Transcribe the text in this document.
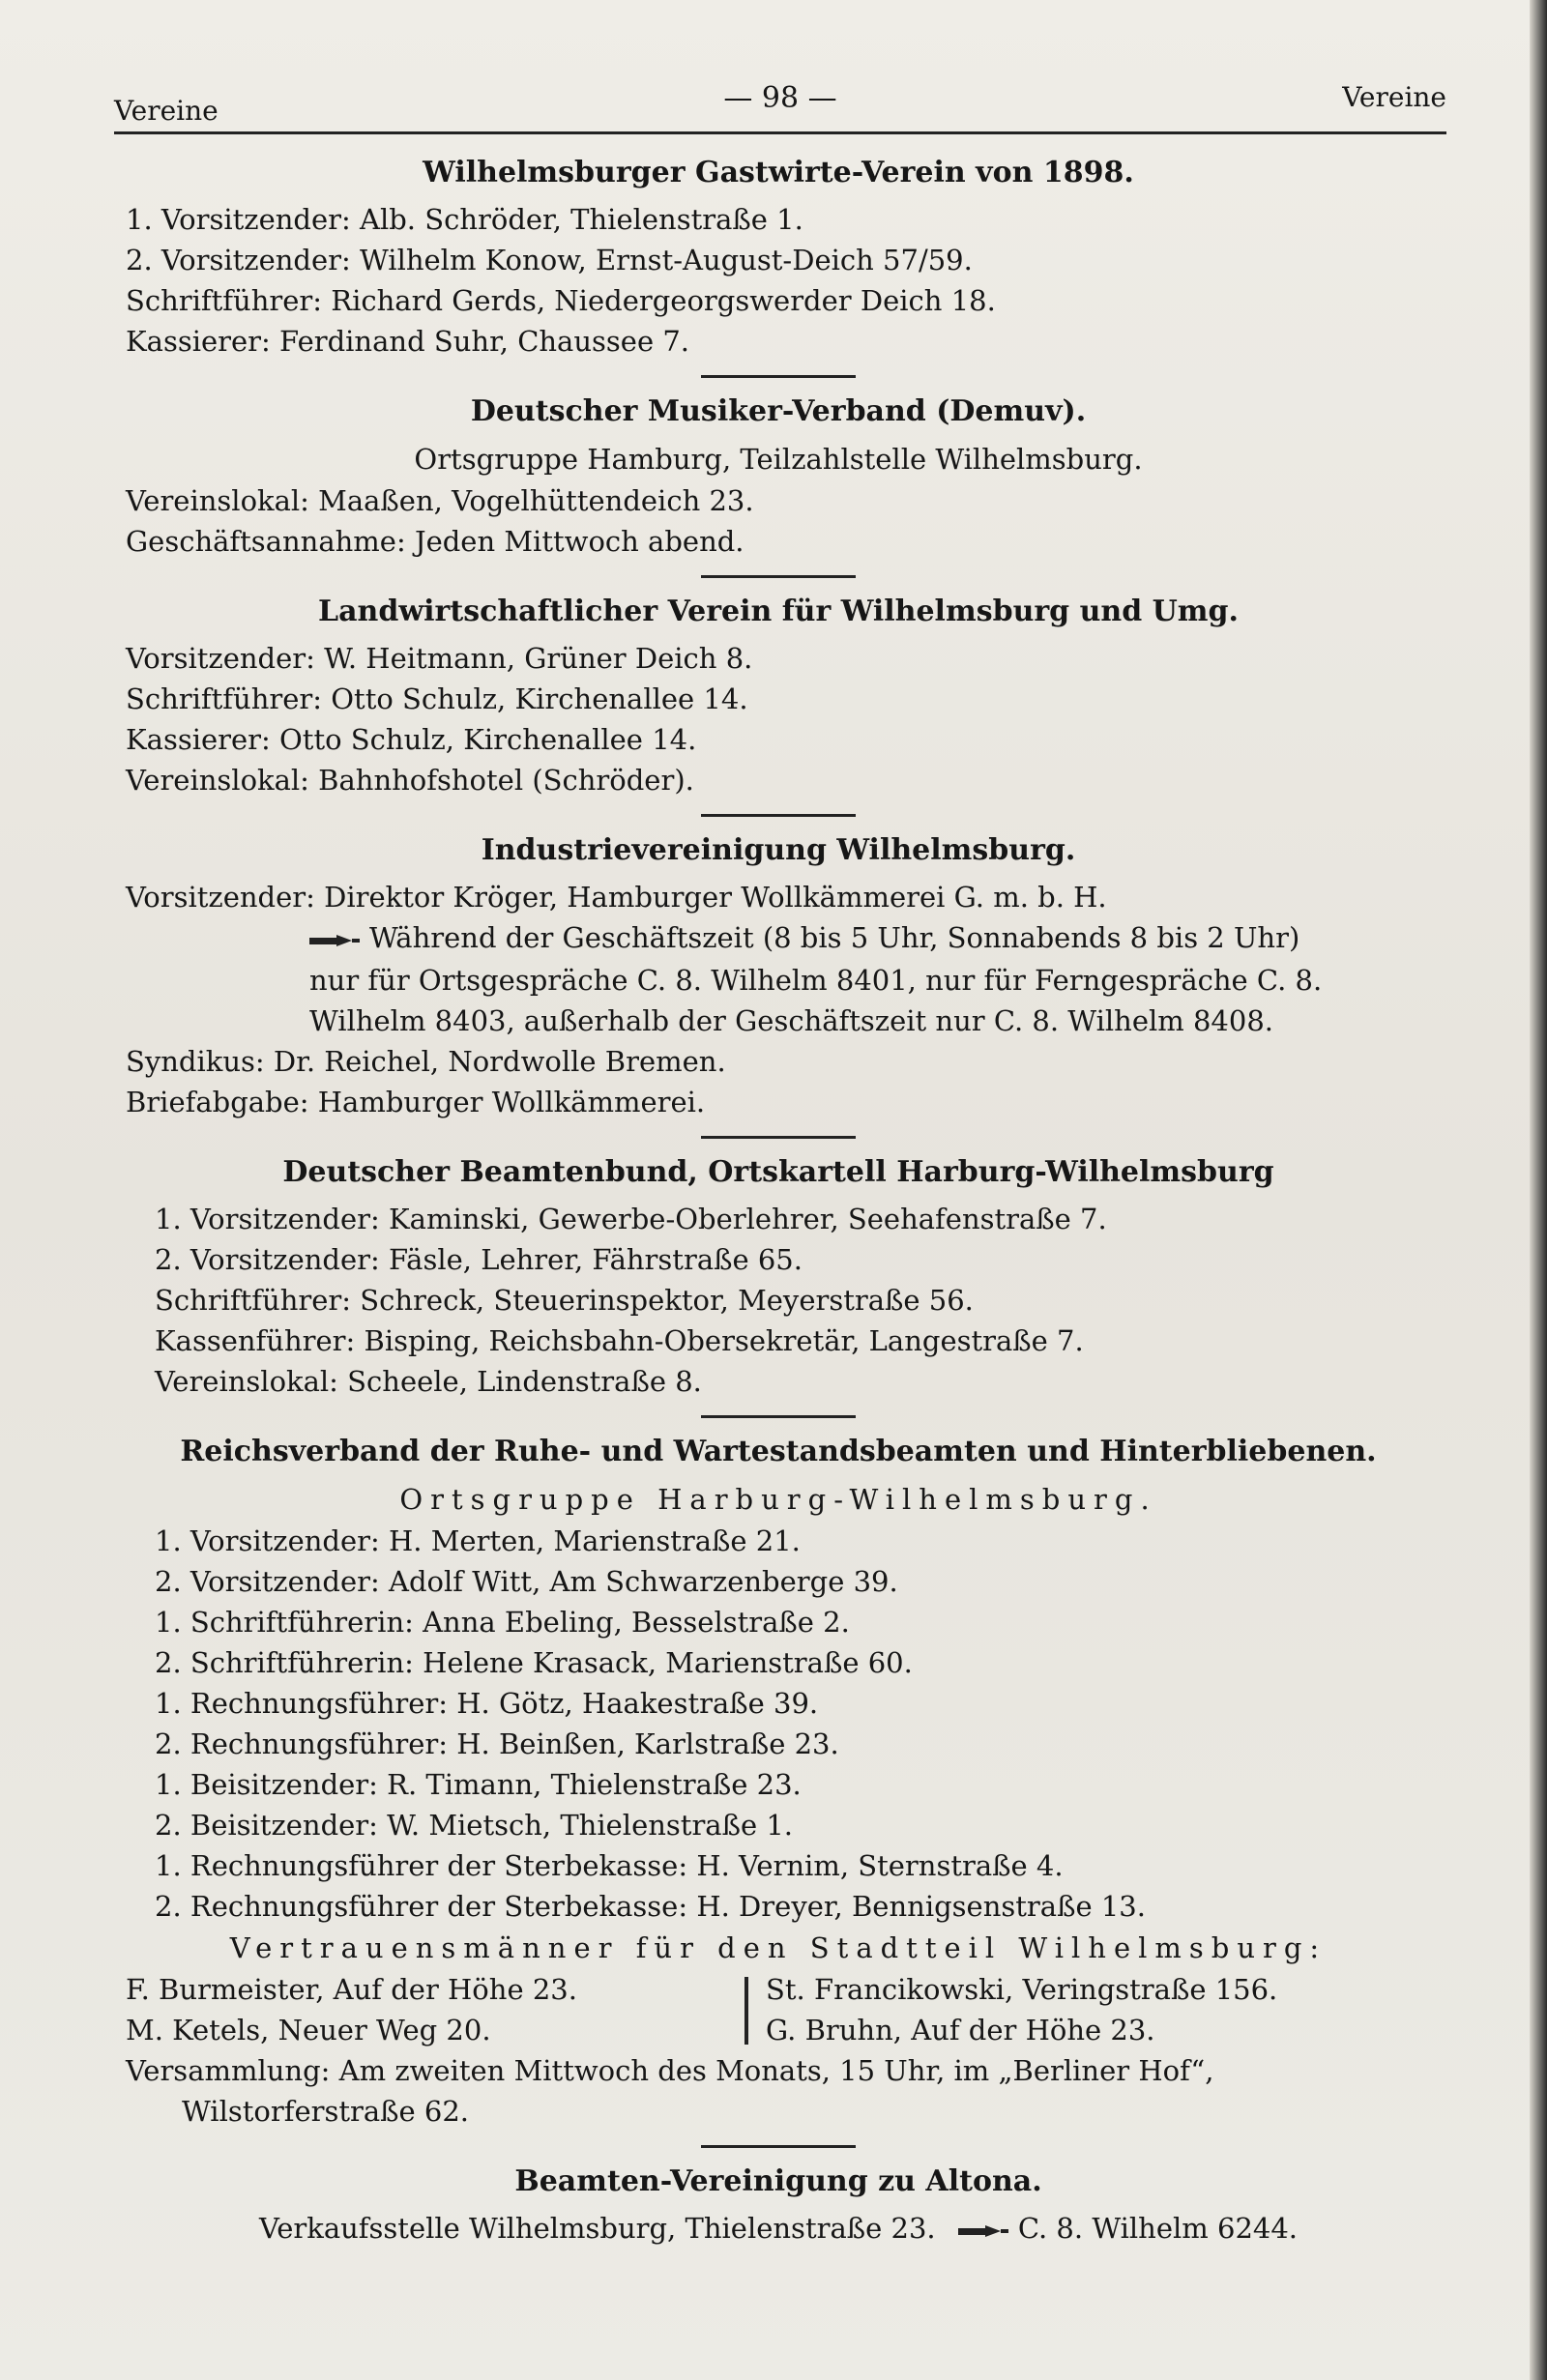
Vereine	— 98 —	Vereine
Wilhelmsburger Gastwirte-Verein von 1898.
1. Vorsitzender: Alb. Schröder, Thielenstraße 1.
2. Vorsitzender: Wilhelm Konow, Ernst-August-Deich 57/59.
Schriftführer: Richard Gerds, Niedergeorgswerder Deich 18.
Kassierer: Ferdinand Suhr, Chaussee 7.
Deutscher Musiker-Verband (Demuv).
Ortsgruppe Hamburg, Teilzahlstelle Wilhelmsburg.
Vereinslokal: Maaßen, Vogelhüttendeich 23.
Geschäftsannahme: Jeden Mittwoch abend.
Landwirtschaftlicher Verein für Wilhelmsburg und Umg.
Vorsitzender: W. Heitmann, Grüner Deich 8.
Schriftführer: Otto Schulz, Kirchenallee 14.
Kassierer: Otto Schulz, Kirchenallee 14.
Vereinslokal: Bahnhofshotel (Schröder).
Industrievereinigung Wilhelmsburg.
Vorsitzender: Direktor Kröger, Hamburger Wollkämmerei G. m. b. H.
Während der Geschäftszeit (8 bis 5 Uhr, Sonnabends 8 bis 2 Uhr)
nur für Ortsgespräche C. 8. Wilhelm 8401, nur für Ferngespräche C. 8.
Wilhelm 8403, außerhalb der Geschäftszeit nur C. 8. Wilhelm 8408.
Syndikus: Dr. Reichel, Nordwolle Bremen.
Briefabgabe: Hamburger Wollkämmerei.
Deutscher Beamtenbund, Ortskartell Harburg-Wilhelmsburg
1. Vorsitzender: Kaminski, Gewerbe-Oberlehrer, Seehafenstraße 7.
2. Vorsitzender: Fäsle, Lehrer, Fährstraße 65.
Schriftführer: Schreck, Steuerinspektor, Meyerstraße 56.
Kassenführer: Bisping, Reichsbahn-Obersekretär, Langestraße 7.
Vereinslokal: Scheele, Lindenstraße 8.
Reichsverband der Ruhe- und Wartestandsbeamten und Hinterbliebenen.
Ortsgruppe Harburg-Wilhelmsburg.
1. Vorsitzender: H. Merten, Marienstraße 21.
2. Vorsitzender: Adolf Witt, Am Schwarzenberge 39.
1. Schriftführerin: Anna Ebeling, Besselstraße 2.
2. Schriftführerin: Helene Krasack, Marienstraße 60.
1. Rechnungsführer: H. Götz, Haakestraße 39.
2. Rechnungsführer: H. Beinßen, Karlstraße 23.
1. Beisitzender: R. Timann, Thielenstraße 23.
2. Beisitzender: W. Mietsch, Thielenstraße 1.
1. Rechnungsführer der Sterbekasse: H. Vernim, Sternstraße 4.
2. Rechnungsführer der Sterbekasse: H. Dreyer, Bennigsenstraße 13.
Vertrauensmänner für den Stadtteil Wilhelmsburg:
F. Burmeister, Auf der Höhe 23.
M. Ketels, Neuer Weg 20.
St. Francikowski, Veringstraße 156.
G. Bruhn, Auf der Höhe 23.
Versammlung: Am zweiten Mittwoch des Monats, 15 Uhr, im „Berliner Hof“,
Wilstorferstraße 62.
Beamten-Vereinigung zu Altona.
Verkaufsstelle Wilhelmsburg, Thielenstraße 23.	C. 8. Wilhelm 6244.
